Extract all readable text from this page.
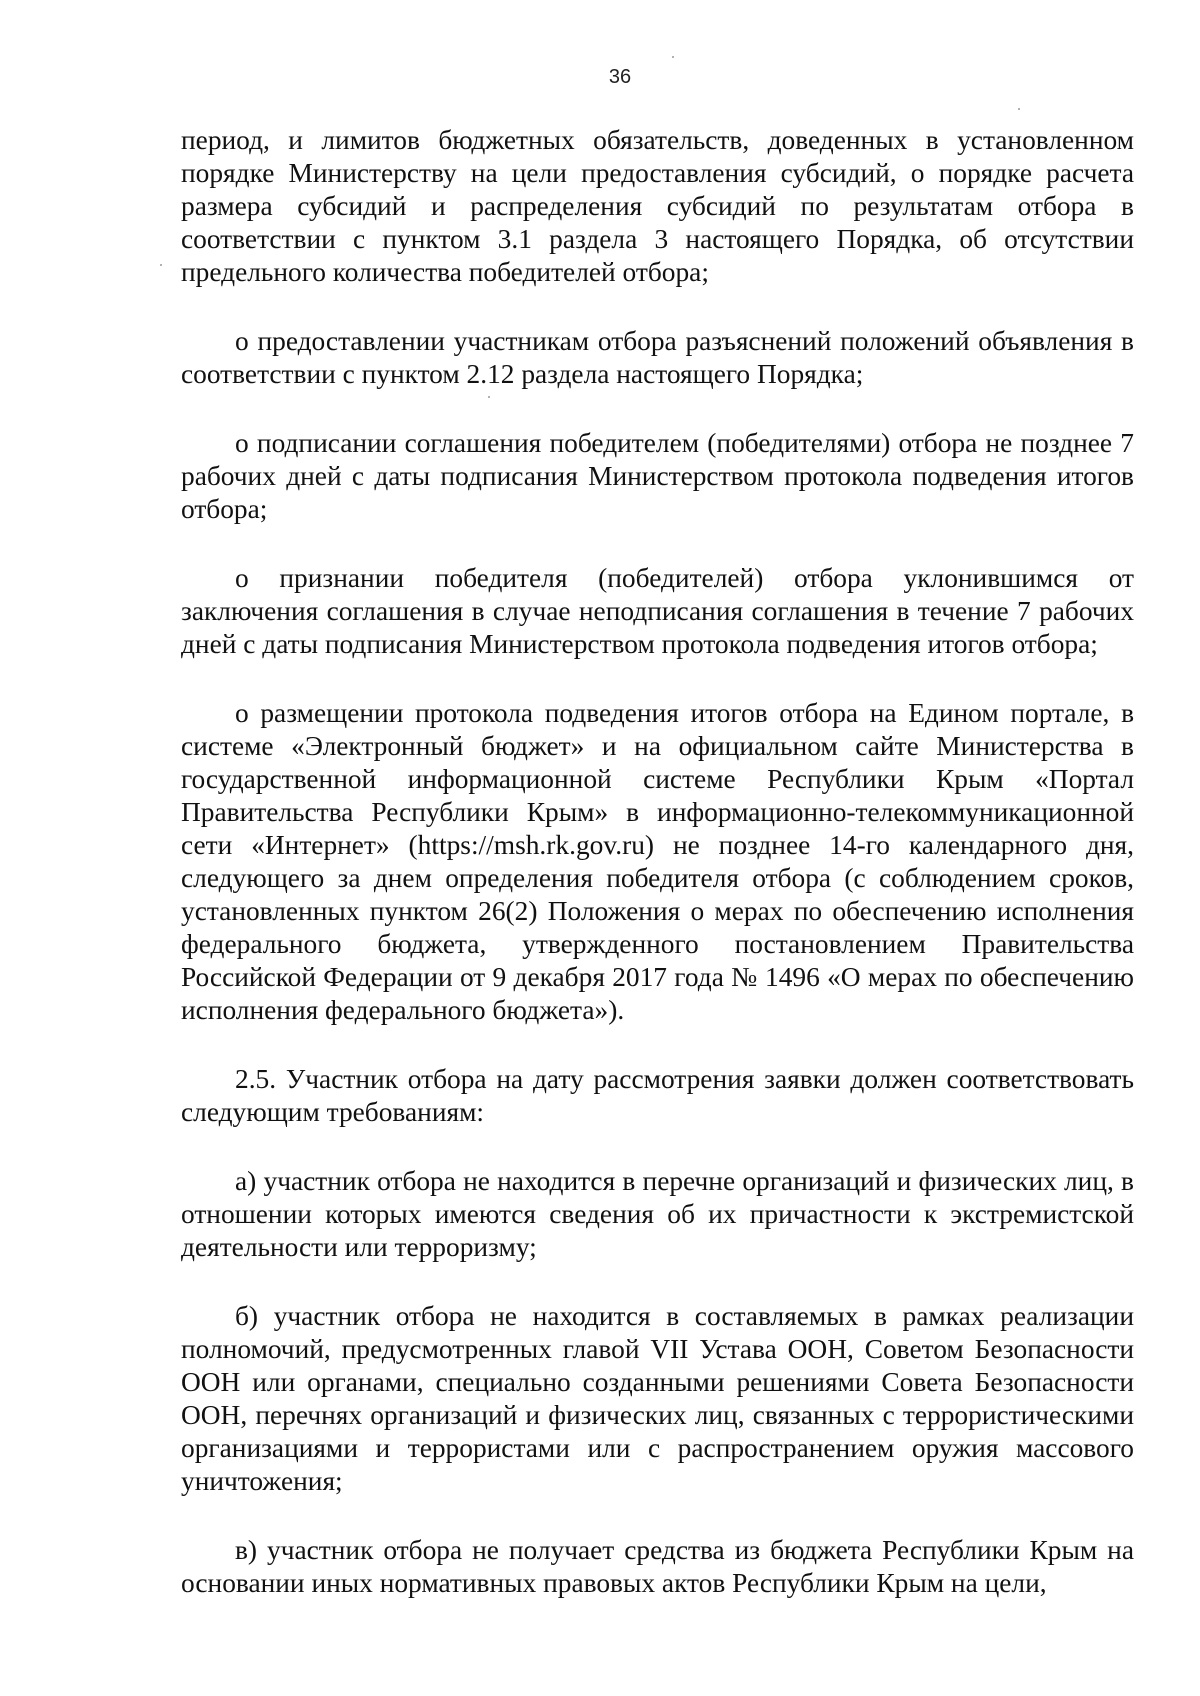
36

период, и лимитов бюджетных обязательств, доведенных в установленном порядке Министерству на цели предоставления субсидий, о порядке расчета размера субсидий и распределения субсидий по результатам отбора в соответствии с пунктом 3.1 раздела 3 настоящего Порядка, об отсутствии предельного количества победителей отбора;

о предоставлении участникам отбора разъяснений положений объявления в соответствии с пунктом 2.12 раздела настоящего Порядка;

о подписании соглашения победителем (победителями) отбора не позднее 7 рабочих дней с даты подписания Министерством протокола подведения итогов отбора;

о признании победителя (победителей) отбора уклонившимся от заключения соглашения в случае неподписания соглашения в течение 7 рабочих дней с даты подписания Министерством протокола подведения итогов отбора;

о размещении протокола подведения итогов отбора на Едином портале, в системе «Электронный бюджет» и на официальном сайте Министерства в государственной информационной системе Республики Крым «Портал Правительства Республики Крым» в информационно-телекоммуникационной сети «Интернет» (https://msh.rk.gov.ru) не позднее 14-го календарного дня, следующего за днем определения победителя отбора (с соблюдением сроков, установленных пунктом 26(2) Положения о мерах по обеспечению исполнения федерального бюджета, утвержденного постановлением Правительства Российской Федерации от 9 декабря 2017 года № 1496 «О мерах по обеспечению исполнения федерального бюджета»).

2.5. Участник отбора на дату рассмотрения заявки должен соответствовать следующим требованиям:

а) участник отбора не находится в перечне организаций и физических лиц, в отношении которых имеются сведения об их причастности к экстремистской деятельности или терроризму;

б) участник отбора не находится в составляемых в рамках реализации полномочий, предусмотренных главой VII Устава ООН, Советом Безопасности ООН или органами, специально созданными решениями Совета Безопасности ООН, перечнях организаций и физических лиц, связанных с террористическими организациями и террористами или с распространением оружия массового уничтожения;

в) участник отбора не получает средства из бюджета Республики Крым на основании иных нормативных правовых актов Республики Крым на цели,
